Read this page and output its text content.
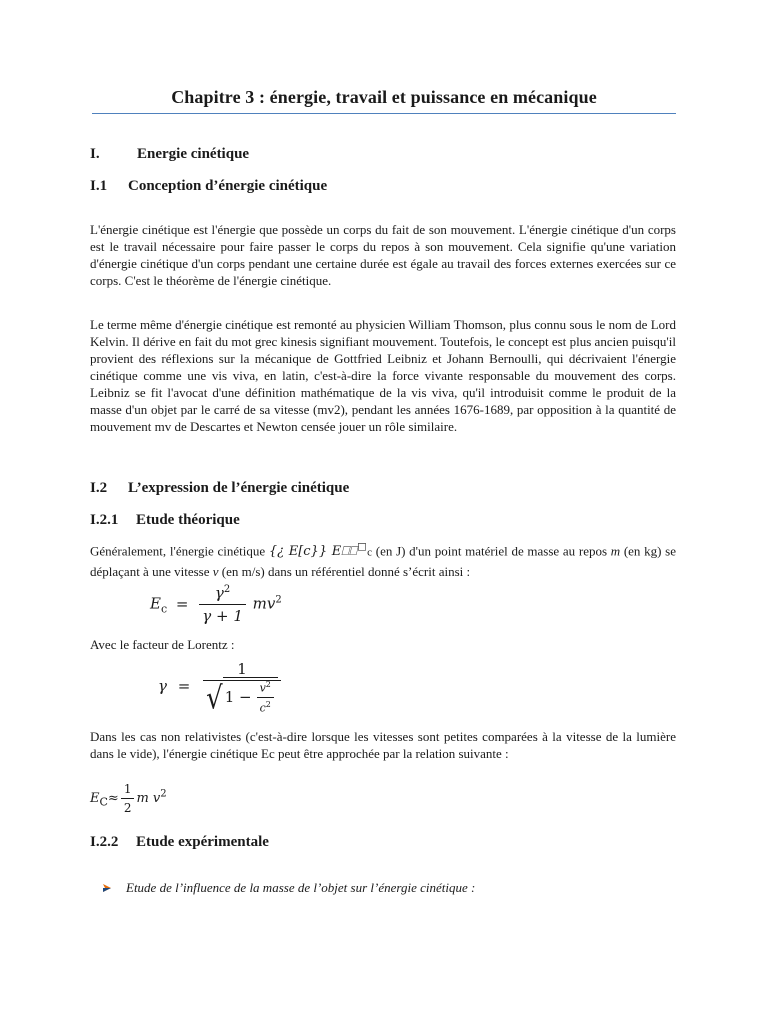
Chapitre 3 : énergie, travail et puissance en mécanique
I. Energie cinétique
I.1 Conception d’énergie cinétique

L'énergie cinétique est l'énergie que possède un corps du fait de son mouvement. L'énergie cinétique d'un corps est le travail nécessaire pour faire passer le corps du repos à son mouvement. Cela signifie qu'une variation d'énergie cinétique d'un corps pendant une certaine durée est égale au travail des forces externes exercées sur ce corps. C'est le théorème de l'énergie cinétique.

Le terme même d'énergie cinétique est remonté au physicien William Thomson, plus connu sous le nom de Lord Kelvin. Il dérive en fait du mot grec kinesis signifiant mouvement. Toutefois, le concept est plus ancien puisqu'il provient des réflexions sur la mécanique de Gottfried Leibniz et Johann Bernoulli, qui décrivaient l'énergie cinétique comme une vis viva, en latin, c'est-à-dire la force vivante responsable du mouvement des corps. Leibniz se fit l'avocat d'une définition mathématique de la vis viva, qu'il introduisit comme le produit de la masse d'un objet par le carré de sa vitesse (mv2), pendant les années 1676-1689, par opposition à la quantité de mouvement mv de Descartes et Newton censée jouer un rôle similaire.

I.2 L’expression de l’énergie cinétique
I.2.1 Etude théorique

Généralement, l'énergie cinétique {¿ E[c}} E⎕⎕□c (en J) d'un point matériel de masse au repos m (en kg) se déplaçant à une vitesse v (en m/s) dans un référentiel donné s’écrit ainsi :

$E_c = \frac{\gamma^2}{\gamma + 1} mv^2$
Avec le facteur de Lorentz :
γ =
1
√ $1 - \frac{v^2}{c^2}$

Dans les cas non relativistes (c'est-à-dire lorsque les vitesses sont petites comparées à la vitesse de la lumière dans le vide), l'énergie cinétique Ec peut être approchée par la relation suivante :

$E_C\approx \frac{1}{2}$ m $v^2$
I.2.2 Etude expérimentale
Etude de l’influence de la masse de l’objet sur l’énergie cinétique :
